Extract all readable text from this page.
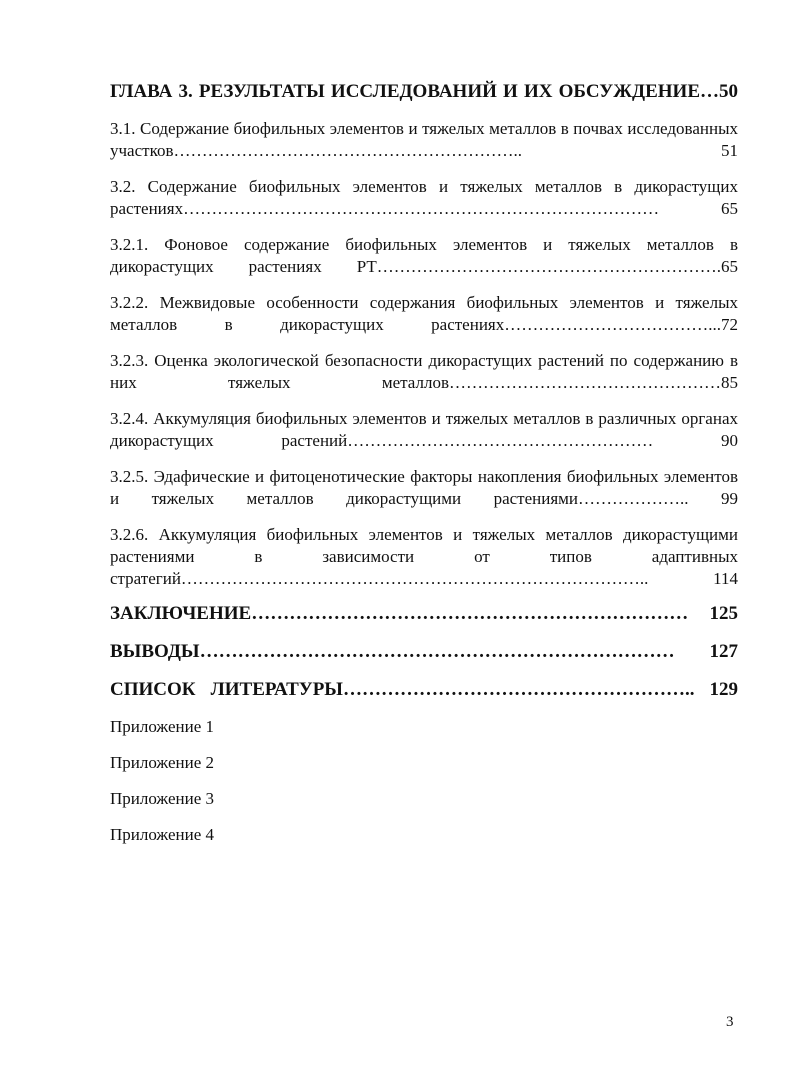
ГЛАВА 3. РЕЗУЛЬТАТЫ ИССЛЕДОВАНИЙ И ИХ ОБСУЖДЕНИЕ…50
3.1. Содержание биофильных элементов и тяжелых металлов в почвах исследованных участков…………………………………………………….. 51
3.2. Содержание биофильных элементов и тяжелых металлов в дикорастущих растениях………………………………………………………………………… 65
3.2.1. Фоновое содержание биофильных элементов и тяжелых металлов в дикорастущих растениях РТ…………………………………………………….65
3.2.2. Межвидовые особенности содержания биофильных элементов и тяжелых металлов в дикорастущих растениях………………………………...72
3.2.3. Оценка экологической безопасности дикорастущих растений по содержанию в них тяжелых металлов…………………………………………85
3.2.4. Аккумуляция биофильных элементов и тяжелых металлов в различных органах дикорастущих растений……………………………………………… 90
3.2.5. Эдафические и фитоценотические факторы накопления биофильных элементов и тяжелых металлов дикорастущими растениями……………….. 99
3.2.6. Аккумуляция биофильных элементов и тяжелых металлов дикорастущими растениями в зависимости от типов адаптивных стратегий……………………………………………………………………….. 114
ЗАКЛЮЧЕНИЕ…………………………………………………………… 125
ВЫВОДЫ………………………………………………………………… 127
СПИСОК ЛИТЕРАТУРЫ……………………………………………….. 129
Приложение 1
Приложение 2
Приложение 3
Приложение 4
3
